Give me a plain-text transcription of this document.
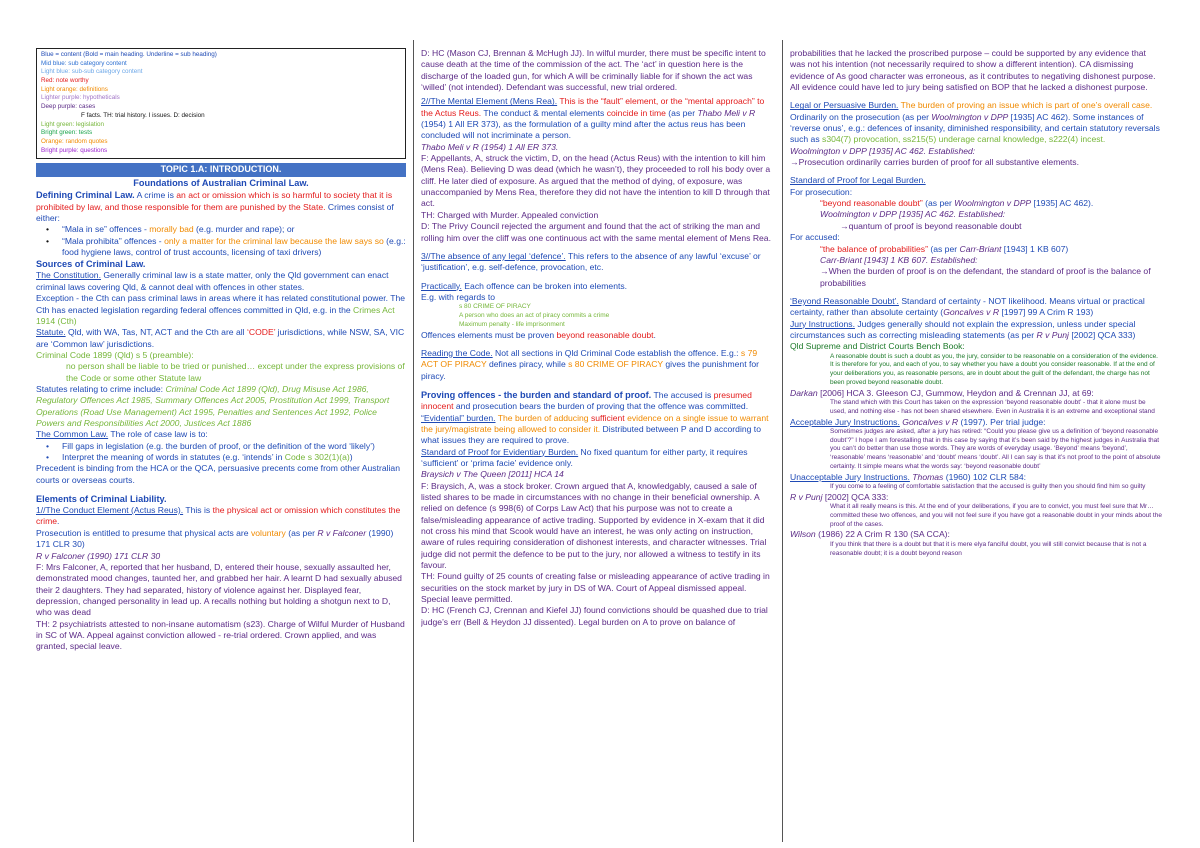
Blue = content (Bold = main heading. Underline = sub heading)
Mid blue: sub category content
Light blue: sub-sub category content
Red: note worthy
Light orange: definitions
Lighter purple: hypotheticals
Deep purple: cases
F facts. TH: trial history. I issues. D: decision
Light green: legislation
Bright green: tests
Orange: random quotes
Bright purple: questions
TOPIC 1.A: INTRODUCTION.

Foundations of Australian Criminal Law.

Defining Criminal Law. A crime is an act or omission which is so harmful to society that it is prohibited by law, and those responsible for them are punished by the State. Crimes consist of either:

• “Mala in se” offences - morally bad (e.g. murder and rape); or

• “Mala prohibita” offences - only a matter for the criminal law because the law says so (e.g.: food hygiene laws, control of trust accounts, licensing of taxi drivers)

Sources of Criminal Law.

The Constitution. Generally criminal law is a state matter, only the Qld government can enact criminal laws covering Qld, & cannot deal with offences in other states.

Exception - the Cth can pass criminal laws in areas where it has related constitutional power. The Cth has enacted legislation regarding federal offences committed in Qld, e.g. in the Crimes Act 1914 (Cth)

Statute. Qld, with WA, Tas, NT, ACT and the Cth are all ‘CODE’ jurisdictions, while NSW, SA, VIC are ‘Common law’ jurisdictions.

Criminal Code 1899 (Qld) s 5 (preamble):

no person shall be liable to be tried or punished… except under the express provisions of the Code or some other Statute law

Statutes relating to crime include: Criminal Code Act 1899 (Qld), Drug Misuse Act 1986, Regulatory Offences Act 1985, Summary Offences Act 2005, Prostitution Act 1999, Transport Operations (Road Use Management) Act 1995, Penalties and Sentences Act 1992, Police Powers and Responsibilities Act 2000, Justices Act 1886

The Common Law. The role of case law is to:

• Fill gaps in legislation (e.g. the burden of proof, or the definition of the word ‘likely’)

• Interpret the meaning of words in statutes (e.g. ‘intends’ in Code s 302(1)(a))

Precedent is binding from the HCA or the QCA, persuasive precents come from other Australian courts or overseas courts.

Elements of Criminal Liability.

1//The Conduct Element (Actus Reus). This is the physical act or omission which constitutes the crime.

Prosecution is entitled to presume that physical acts are voluntary (as per R v Falconer (1990) 171 CLR 30)

R v Falconer (1990) 171 CLR 30

F: Mrs Falconer, A, reported that her husband, D, entered their house, sexually assaulted her, demonstrated mood changes, taunted her, and grabbed her hair. A learnt D had sexually abused their 2 daughters. They had separated, history of violence against her. Displayed fear, depression, changed personality in lead up. A recalls nothing but holding a shotgun next to D, who was dead

TH: 2 psychiatrists attested to non-insane automatism (s23). Charge of Wilful Murder of Husband in SC of WA. Appeal against conviction allowed - re-trial ordered. Crown applied, and was granted, special leave.

D: HC (Mason CJ, Brennan & McHugh JJ). In wilful murder, there must be specific intent to cause death at the time of the commission of the act. The ‘act’ in question here is the discharge of the loaded gun, for which A will be criminally liable for if shown the act was ‘willed’ (not intended). Defendant was successful, new trial ordered.

2//The Mental Element (Mens Rea). This is the “fault” element, or the “mental approach” to the Actus Reus. The conduct & mental elements coincide in time (as per Thabo Meli v R (1954) 1 All ER 373), as the formulation of a guilty mind after the actus reus has been concluded will not incriminate a person.

Thabo Meli v R (1954) 1 All ER 373.

F: Appellants, A, struck the victim, D, on the head (Actus Reus) with the intention to kill him (Mens Rea). Believing D was dead (which he wasn’t), they proceeded to roll his body over a cliff. He later died of exposure. As argued that the method of dying, of exposure, was unaccompanied by Mens Rea, therefore they did not have the intention to kill D through that act.

TH: Charged with Murder. Appealed conviction

D: The Privy Council rejected the argument and found that the act of striking the man and rolling him over the cliff was one continuous act with the same mental element of Mens Rea.

3//The absence of any legal ‘defence’. This refers to the absence of any lawful ‘excuse’ or ‘justification’, e.g. self-defence, provocation, etc.

Practically. Each offence can be broken into elements.

E.g. with regards to

s 80 CRIME OF PIRACY

A person who does an act of piracy commits a crime

Maximum penalty - life imprisonment

Offences elements must be proven beyond reasonable doubt.

Reading the Code. Not all sections in Qld Criminal Code establish the offence. E.g.: s 79 ACT OF PIRACY defines piracy, while s 80 CRIME OF PIRACY gives the punishment for piracy.

Proving offences - the burden and standard of proof. The accused is presumed innocent and prosecution bears the burden of proving that the offence was committed.

“Evidential” burden. The burden of adducing sufficient evidence on a single issue to warrant the jury/magistrate being allowed to consider it. Distributed between P and D according to what issues they are required to prove.

Standard of Proof for Evidentiary Burden. No fixed quantum for either party, it requires ‘sufficient’ or ‘prima facie’ evidence only.

Braysich v The Queen [2011] HCA 14

F: Braysich, A, was a stock broker. Crown argued that A, knowledgably, caused a sale of listed shares to be made in circumstances with no change in their beneficial ownership. A relied on defence (s 998(6) of Corps Law Act) that his purpose was not to create a false/misleading appearance of active trading. Supported by evidence in X-exam that it did not cross his mind that Scook would have an interest, he was only acting on instruction, aware of rules requiring consideration of dishonest interests, and character witnesses. Trial judge did not permit the defence to be put to the jury, nor allowed a witness to testify in its favour.

TH: Found guilty of 25 counts of creating false or misleading appearance of active trading in securities on the stock market by jury in DS of WA. Court of Appeal dismissed appeal. Special leave permitted.

D: HC (French CJ, Crennan and Kiefel JJ) found convictions should be quashed due to trial judge’s err (Bell & Heydon JJ dissented). Legal burden on A to prove on balance of

probabilities that he lacked the proscribed purpose – could be supported by any evidence that was not his intention (not necessarily required to show a different intention). CA dismissing evidence of As good character was erroneous, as it contributes to negativing dishonest purpose. All evidence could have led to jury being satisfied on BOP that he lacked a dishonest purpose.

Legal or Persuasive Burden. The burden of proving an issue which is part of one’s overall case. Ordinarily on the prosecution (as per Woolmington v DPP [1935] AC 462). Some instances of ‘reverse onus’, e.g.: defences of insanity, diminished responsibility, and certain statutory reversals such as s304(7) provocation, ss215(5) underage carnal knowledge, s222(4) incest.

Woolmington v DPP [1935] AC 462. Established:

→Prosecution ordinarily carries burden of proof for all substantive elements.

Standard of Proof for Legal Burden.

For prosecution:

“beyond reasonable doubt” (as per Woolmington v DPP [1935] AC 462).

Woolmington v DPP [1935] AC 462. Established:

→quantum of proof is beyond reasonable doubt

For accused:

“the balance of probabilities” (as per Carr-Briant [1943] 1 KB 607)

Carr-Briant [1943] 1 KB 607. Established:

→When the burden of proof is on the defendant, the standard of proof is the balance of probabilities

‘Beyond Reasonable Doubt’. Standard of certainty - NOT likelihood. Means virtual or practical certainty, rather than absolute certainty (Goncalves v R [1997] 99 A Crim R 193)

Jury Instructions. Judges generally should not explain the expression, unless under special circumstances such as correcting misleading statements (as per R v Punj [2002] QCA 333)

Qld Supreme and District Courts Bench Book:

A reasonable doubt is such a doubt as you, the jury, consider to be reasonable on a consideration of the evidence. It is therefore for you, and each of you, to say whether you have a doubt you consider reasonable. If at the end of your deliberations you, as reasonable persons, are in doubt about the guilt of the defendant, the charge has not been proved beyond reasonable doubt.

Darkan [2006] HCA 3. Gleeson CJ, Gummow, Heydon and & Crennan JJ, at 69:

The stand which with this Court has taken on the expression ‘beyond reasonable doubt’ - that it alone must be used, and nothing else - has not been shared elsewhere. Even in Australia it is an extreme and exceptional stand

Acceptable Jury Instructions. Goncalves v R (1997). Per trial judge:

Sometimes judges are asked, after a jury has retired: “Could you please give us a definition of ‘beyond reasonable doubt’?” I hope I am forestalling that in this case by saying that it’s been said by the highest judges in Australia that you can’t do better than use those words. They are words of everyday usage. ‘Beyond’ means ‘beyond’, ‘reasonable’ means ‘reasonable’ and ‘doubt’ means ‘doubt’. All I can say is that it’s not proof to the point of absolute certainty. It simple means what the words say: ‘beyond reasonable doubt’

Unacceptable Jury Instructions. Thomas (1960) 102 CLR 584:

If you come to a feeling of comfortable satisfaction that the accused is guilty then you should find him so guilty

R v Punj [2002] QCA 333:

What it all really means is this. At the end of your deliberations, if you are to convict, you must feel sure that Mr… committed these two offences, and you will not feel sure if you have got a reasonable doubt in your minds about the proof of the cases.

Wilson (1986) 22 A Crim R 130 (SA CCA):

If you think that there is a doubt but that it is mere elya fanciful doubt, you will still convict because that is not a reasonable doubt; it is a doubt beyond reason
